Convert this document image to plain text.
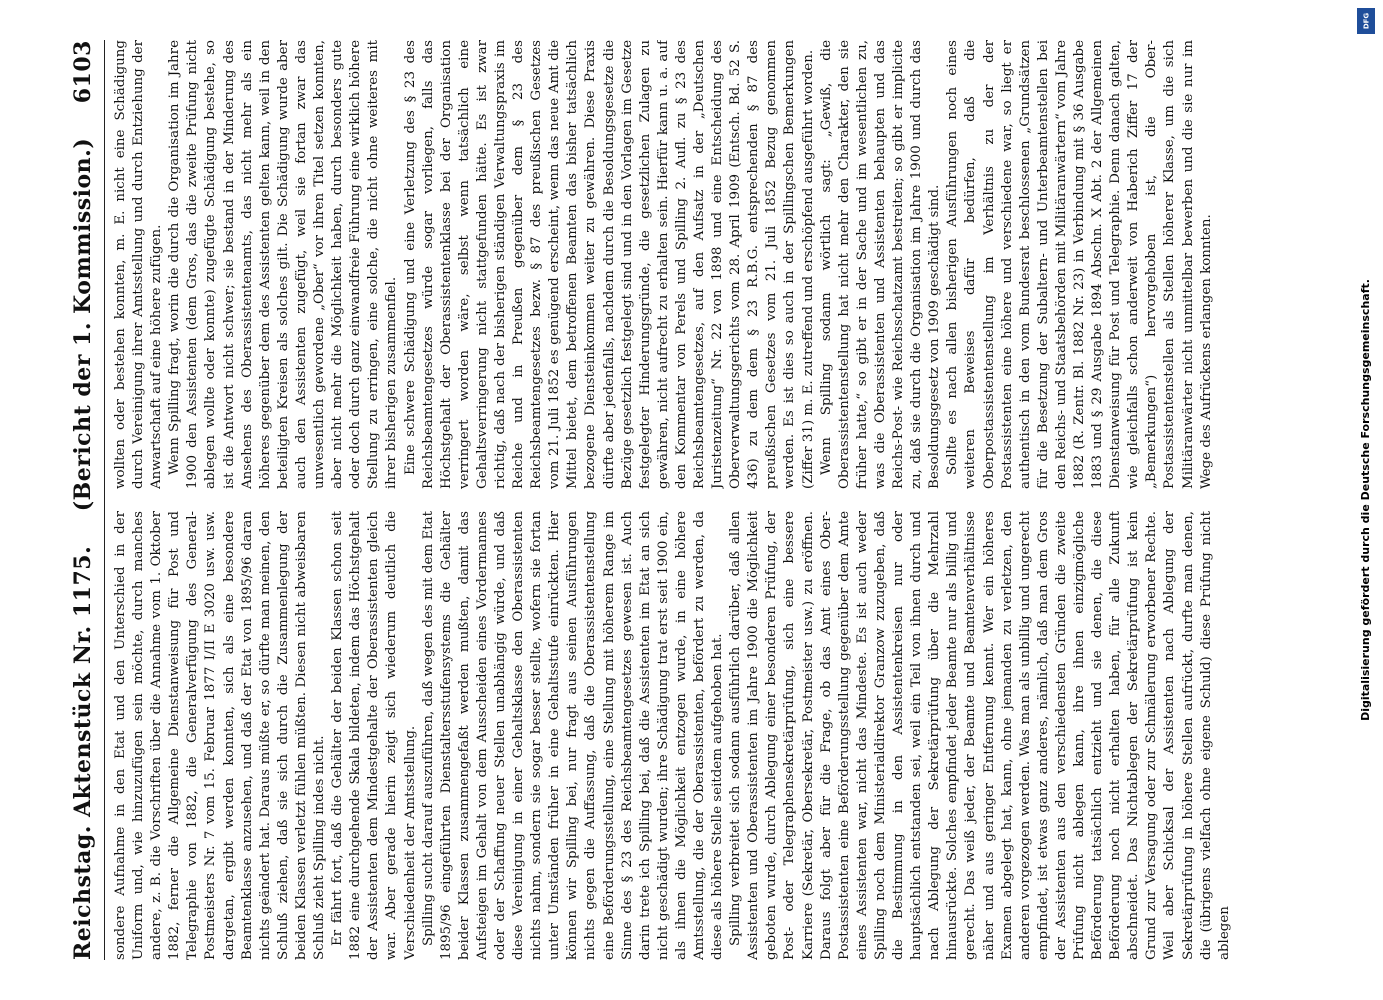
Reichstag. Aktenstück Nr. 1175.
(Bericht der 1. Kommission.)
6103

sondere Aufnahme in den Etat und den Unterschied in der Uniform und, wie hinzuzufügen sein möchte, durch manches andere, z. B. die Vorschriften über die Annahme vom 1. Oktober 1882, ferner die Allgemeine Dienstanweisung für Post und Telegraphie von 1882, die Generalverfügung des General-Postmeisters Nr. 7 vom 15. Februar 1877 I/II E 3020 usw. usw. dargetan, ergibt werden konnten, sich als eine besondere Beamtenklasse anzusehen, und daß der Etat von 1895/96 daran nichts geändert hat. Daraus müßte er, so dürfte man meinen, den Schluß ziehen, daß sie sich durch die Zusammenlegung der beiden Klassen verletzt fühlen müßten. Diesen nicht abweisbaren Schluß zieht Spilling indes nicht. Er fährt fort, daß die Gehälter der beiden Klassen schon seit 1882 eine durchgehende Skala bildeten, indem das Höchstgehalt der Assistenten dem Mindestgehalte der Oberassistenten gleich war. Aber gerade hierin zeigt sich wiederum deutlich die Verschiedenheit der Amtsstellung. Spilling sucht darauf auszuführen, daß wegen des mit dem Etat 1895/96 eingeführten Dienstaltersstufensystems die Gehälter beider Klassen zusammengefaßt werden mußten, damit das Aufsteigen im Gehalt von dem Ausscheiden eines Vordermannes oder der Schaffung neuer Stellen unabhängig würde, und daß diese Vereinigung in einer Gehaltsklasse den Oberassistenten nichts nahm, sondern sie sogar besser stellte, wofern sie fortan unter Umständen früher in eine Gehaltsstufe einrückten. Hier können wir Spilling bei, nur fragt aus seinen Ausführungen nichts gegen die Auffassung, daß die Oberassistentenstellung eine Beförderungsstellung, eine Stellung mit höherem Range im Sinne des § 23 des Reichsbeamtengesetzes gewesen ist. Auch darin trete ich Spilling bei, daß die Assistenten im Etat an sich nicht geschädigt wurden; ihre Schädigung trat erst seit 1900 ein, als ihnen die Möglichkeit entzogen wurde, in eine höhere Amtsstellung, die der Oberassistenten, befördert zu werden, da diese als höhere Stelle seitdem aufgehoben hat. Spilling verbreitet sich sodann ausführlich darüber, daß allen Assistenten und Oberassistenten im Jahre 1900 die Möglichkeit geboten wurde, durch Ablegung einer besonderen Prüfung, der Post- oder Telegraphensekretärprüfung, sich eine bessere Karriere (Sekretär, Obersekretär, Postmeister usw.) zu eröffnen. Daraus folgt aber für die Frage, ob das Amt eines Ober-Postassistenten eine Beförderungsstellung gegenüber dem Amte eines Assistenten war, nicht das Mindeste. Es ist auch weder Spilling noch dem Ministerialdirektor Granzow zuzugeben, daß die Bestimmung in den Assistentenkreisen nur oder hauptsächlich entstanden sei, weil ein Teil von ihnen durch und nach Ablegung der Sekretärprüfung über die Mehrzahl hinausrückte. Solches empfindet jeder Beamte nur als billig und gerecht. Das weiß jeder, der Beamte und Beamtenverhältnisse näher und aus geringer Entfernung kennt. Wer ein höheres Examen abgelegt hat, kann, ohne jemanden zu verletzen, den anderen vorgezogen werden. Was man als unbillig und ungerecht empfindet, ist etwas ganz anderes, nämlich, daß man dem Gros der Assistenten aus den verschiedensten Gründen die zweite Prüfung nicht ablegen kann, ihre ihnen einzigmögliche Beförderung tatsächlich entzieht und sie denen, die diese Beförderung noch nicht erhalten haben, für alle Zukunft abschneidet. Das Nichtablegen der Sekretärprüfung ist kein Grund zur Versagung oder zur Schmälerung erworbener Rechte. Weil aber Schicksal der Assistenten nach Ablegung der Sekretärprüfung in höhere Stellen aufrückt, durfte man denen, die (übrigens vielfach ohne eigene Schuld) diese Prüfung nicht ablegen

wollten oder bestehen konnten, m. E. nicht eine Schädigung durch Vereinigung ihrer Amtsstellung und durch Entziehung der Anwartschaft auf eine höhere zufügen. Wenn Spilling fragt, worin die durch die Organisation im Jahre 1900 den Assistenten (dem Gros, das die zweite Prüfung nicht ablegen wollte oder konnte) zugefügte Schädigung bestehe, so ist die Antwort nicht schwer; sie bestand in der Minderung des Ansehens des Oberassistentenamts, das nicht mehr als ein höheres gegenüber dem des Assistenten gelten kann, weil in den beteiligten Kreisen als solches gilt. Die Schädigung wurde aber auch den Assistenten zugefügt, weil sie fortan zwar das unwesentlich gewordene „Ober“ vor ihren Titel setzen konnten, aber nicht mehr die Möglichkeit haben, durch besonders gute oder doch durch ganz einwandfreie Führung eine wirklich höhere Stellung zu erringen, eine solche, die nicht ohne weiteres mit ihrer bisherigen zusammenfiel. Eine schwere Schädigung und eine Verletzung des § 23 des Reichsbeamtengesetzes würde sogar vorliegen, falls das Höchstgehalt der Oberassistentenklasse bei der Organisation verringert worden wäre, selbst wenn tatsächlich eine Gehaltsverringerung nicht stattgefunden hätte. Es ist zwar richtig, daß nach der bisherigen ständigen Verwaltungspraxis im Reiche und in Preußen gegenüber dem § 23 des Reichsbeamtengesetzes bezw. § 87 des preußischen Gesetzes vom 21. Juli 1852 es genügend erscheint, wenn das neue Amt die Mittel bietet, dem betroffenen Beamten das bisher tatsächlich bezogene Diensteinkommen weiter zu gewähren. Diese Praxis dürfte aber jedenfalls, nachdem durch die Besoldungsgesetze die Bezüge gesetzlich festgelegt sind und in den Vorlagen im Gesetze festgelegter Hinderungsgründe, die gesetzlichen Zulagen zu gewähren, nicht aufrecht zu erhalten sein. Hierfür kann u. a. auf den Kommentar von Perels und Spilling 2. Aufl. zu § 23 des Reichsbeamtengesetzes, auf den Aufsatz in der „Deutschen Juristenzeitung“ Nr. 22 von 1898 und eine Entscheidung des Oberverwaltungsgerichts vom 28. April 1909 (Entsch. Bd. 52 S. 436) zu dem dem § 23 R.B.G. entsprechenden § 87 des preußischen Gesetzes vom 21. Juli 1852 Bezug genommen werden. Es ist dies so auch in der Spillingschen Bemerkungen (Ziffer 31) m. E. zutreffend und erschöpfend ausgeführt worden. Wenn Spilling sodann wörtlich sagt: „Gewiß, die Oberassistentenstellung hat nicht mehr den Charakter, den sie früher hatte,“ so gibt er in der Sache und im wesentlichen zu, was die Oberassistenten und Assistenten behaupten und das Reichs-Post- wie Reichsschatzamt bestreiten; so gibt er implicite zu, daß sie durch die Organisation im Jahre 1900 und durch das Besoldungsgesetz von 1909 geschädigt sind. Sollte es nach allen bisherigen Ausführungen noch eines weiteren Beweises dafür bedürfen, daß die Oberpostassistentenstellung im Verhältnis zu der der Postassistenten eine höhere und verschiedene war, so liegt er authentisch in den vom Bundesrat beschlossenen „Grundsätzen für die Besetzung der Subaltern- und Unterbeamtenstellen bei den Reichs- und Staatsbehörden mit Militäranwärtern“ vom Jahre 1882 (R. Zentr. Bl. 1882 Nr. 23) in Verbindung mit § 36 Ausgabe 1883 und § 29 Ausgabe 1894 Abschn. X Abt. 2 der Allgemeinen Dienstanweisung für Post und Telegraphie. Denn danach galten, wie gleichfalls schon anderweit von Haberich Ziffer 17 der „Bemerkungen“) hervorgehoben ist, die Ober-Postassistentenstellen als Stellen höherer Klasse, um die sich Militäranwärter nicht unmittelbar bewerben und die sie nur im Wege des Aufrückens erlangen konnten.	Digitalisierung gefördert durch die Deutsche Forschungsgemeinschaft.
DFG
